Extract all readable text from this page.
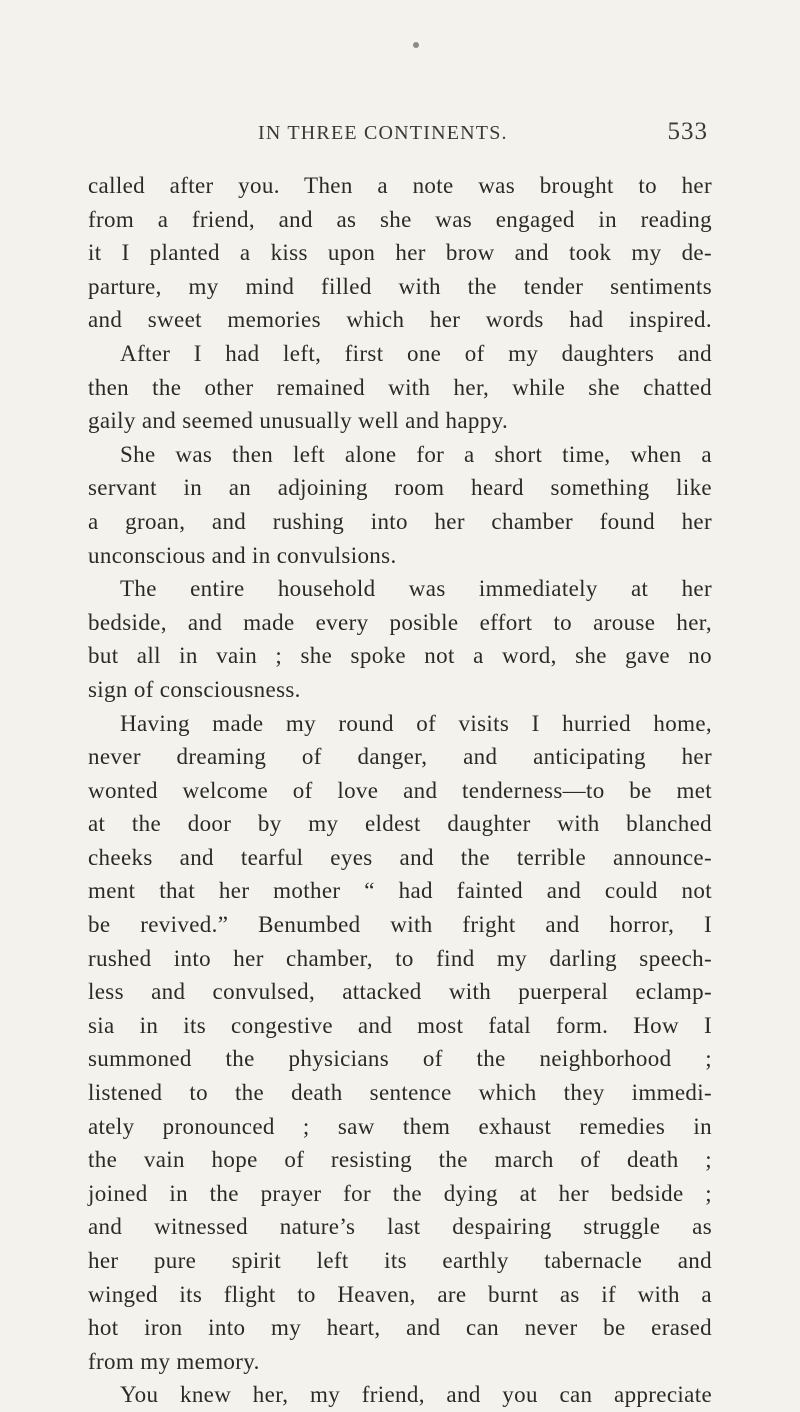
IN THREE CONTINENTS.	533
called after you. Then a note was brought to her
from a friend, and as she was engaged in reading
it I planted a kiss upon her brow and took my de-
parture, my mind filled with the tender sentiments
and sweet memories which her words had inspired.
After I had left, first one of my daughters and
then the other remained with her, while she chatted
gaily and seemed unusually well and happy.
She was then left alone for a short time, when a
servant in an adjoining room heard something like
a groan, and rushing into her chamber found her
unconscious and in convulsions.
The entire household was immediately at her
bedside, and made every posible effort to arouse her,
but all in vain ; she spoke not a word, she gave no
sign of consciousness.
Having made my round of visits I hurried home,
never dreaming of danger, and anticipating her
wonted welcome of love and tenderness—to be met
at the door by my eldest daughter with blanched
cheeks and tearful eyes and the terrible announce-
ment that her mother “ had fainted and could not
be revived.” Benumbed with fright and horror, I
rushed into her chamber, to find my darling speech-
less and convulsed, attacked with puerperal eclamp-
sia in its congestive and most fatal form. How I
summoned the physicians of the neighborhood ;
listened to the death sentence which they immedi-
ately pronounced ; saw them exhaust remedies in
the vain hope of resisting the march of death ;
joined in the prayer for the dying at her bedside ;
and witnessed nature’s last despairing struggle as
her pure spirit left its earthly tabernacle and
winged its flight to Heaven, are burnt as if with a
hot iron into my heart, and can never be erased
from my memory.
You knew her, my friend, and you can appreciate
